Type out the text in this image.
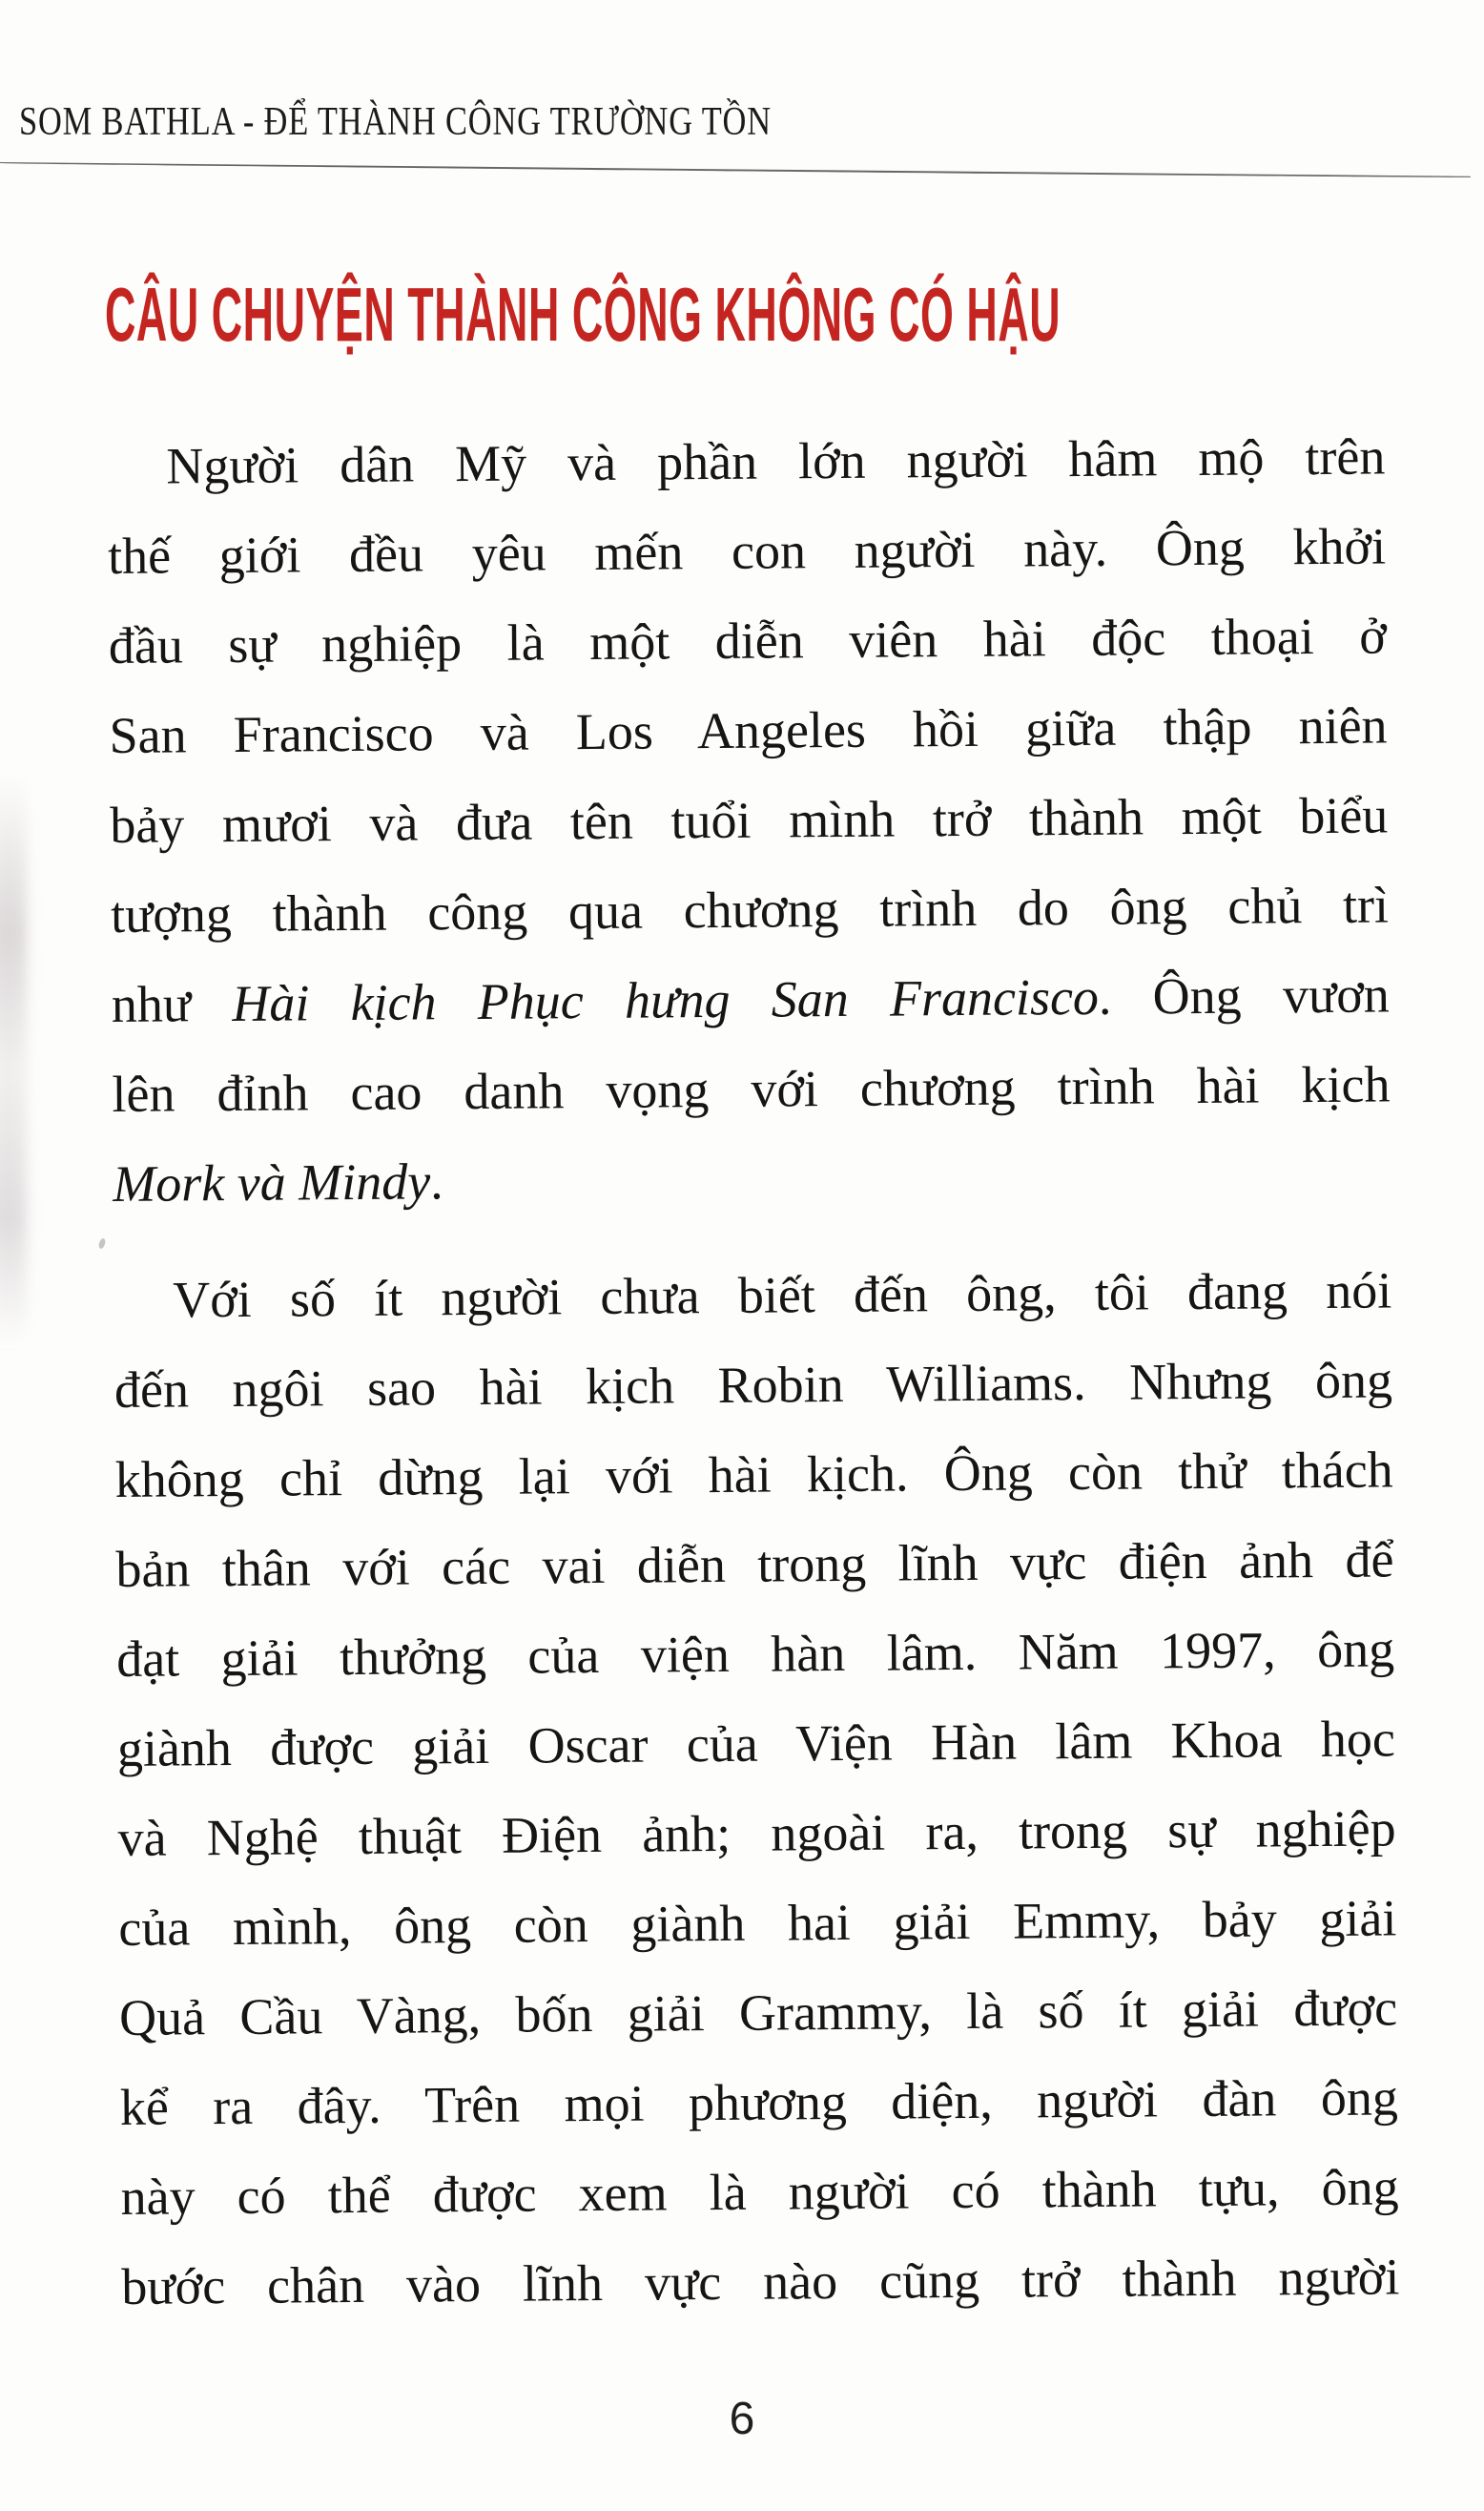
SOM BATHLA - ĐỂ THÀNH CÔNG TRƯỜNG TỒN
CÂU CHUYỆN THÀNH CÔNG KHÔNG CÓ HẬU
Người dân Mỹ và phần lớn người hâm mộ trên
thế giới đều yêu mến con người này. Ông khởi
đầu sự nghiệp là một diễn viên hài độc thoại ở
San Francisco và Los Angeles hồi giữa thập niên
bảy mươi và đưa tên tuổi mình trở thành một biểu
tượng thành công qua chương trình do ông chủ trì
như Hài kịch Phục hưng San Francisco. Ông vươn
lên đỉnh cao danh vọng với chương trình hài kịch
Mork và Mindy.
Với số ít người chưa biết đến ông, tôi đang nói
đến ngôi sao hài kịch Robin Williams. Nhưng ông
không chỉ dừng lại với hài kịch. Ông còn thử thách
bản thân với các vai diễn trong lĩnh vực điện ảnh để
đạt giải thưởng của viện hàn lâm. Năm 1997, ông
giành được giải Oscar của Viện Hàn lâm Khoa học
và Nghệ thuật Điện ảnh; ngoài ra, trong sự nghiệp
của mình, ông còn giành hai giải Emmy, bảy giải
Quả Cầu Vàng, bốn giải Grammy, là số ít giải được
kể ra đây. Trên mọi phương diện, người đàn ông
này có thể được xem là người có thành tựu, ông
bước chân vào lĩnh vực nào cũng trở thành người
6
